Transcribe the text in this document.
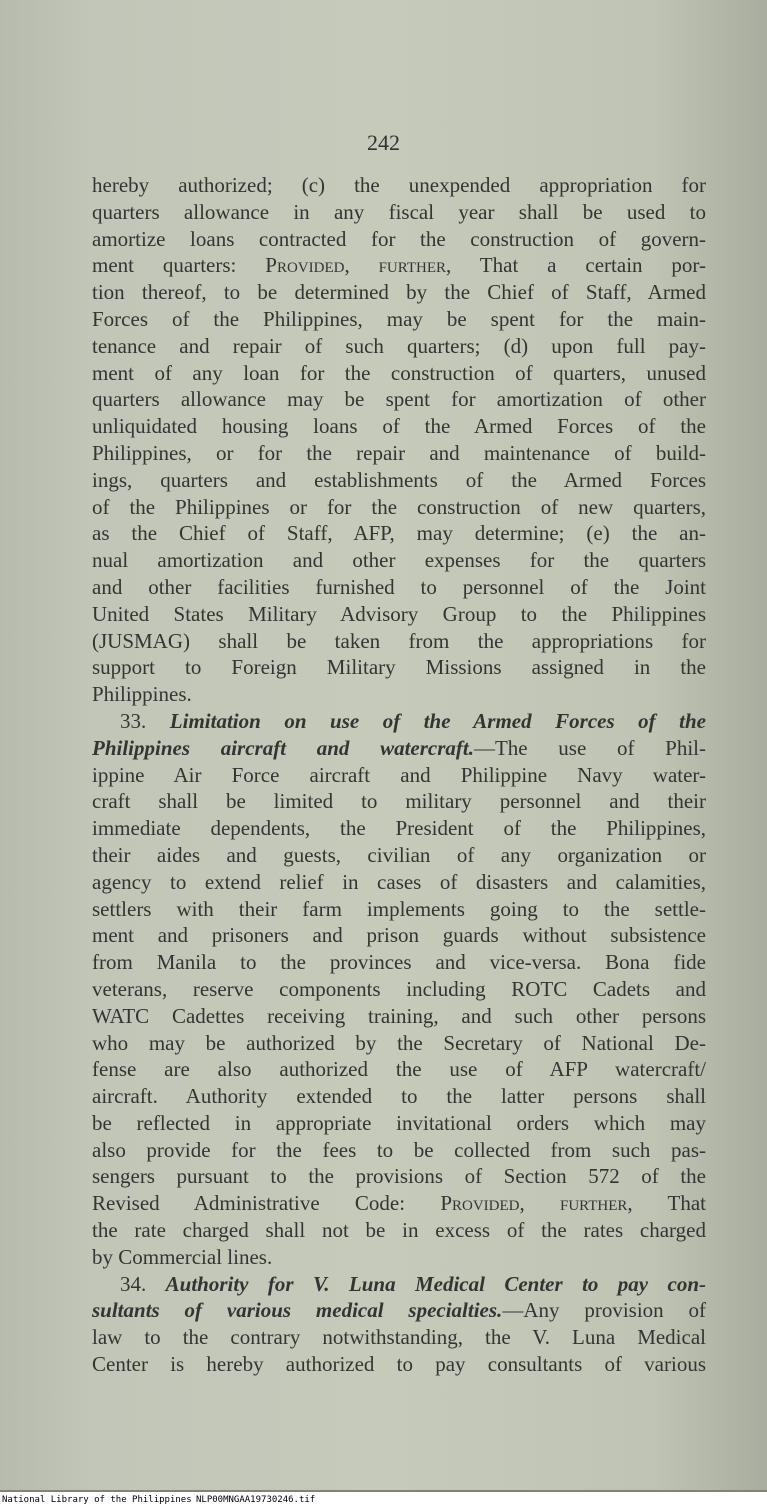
242
hereby authorized; (c) the unexpended appropriation for
quarters allowance in any fiscal year shall be used to
amortize loans contracted for the construction of govern-
ment quarters: Provided, further, That a certain por-
tion thereof, to be determined by the Chief of Staff, Armed
Forces of the Philippines, may be spent for the main-
tenance and repair of such quarters; (d) upon full pay-
ment of any loan for the construction of quarters, unused
quarters allowance may be spent for amortization of other
unliquidated housing loans of the Armed Forces of the
Philippines, or for the repair and maintenance of build-
ings, quarters and establishments of the Armed Forces
of the Philippines or for the construction of new quarters,
as the Chief of Staff, AFP, may determine; (e) the an-
nual amortization and other expenses for the quarters
and other facilities furnished to personnel of the Joint
United States Military Advisory Group to the Philippines
(JUSMAG) shall be taken from the appropriations for
support to Foreign Military Missions assigned in the
Philippines.
33. Limitation on use of the Armed Forces of the
Philippines aircraft and watercraft.—The use of Phil-
ippine Air Force aircraft and Philippine Navy water-
craft shall be limited to military personnel and their
immediate dependents, the President of the Philippines,
their aides and guests, civilian of any organization or
agency to extend relief in cases of disasters and calamities,
settlers with their farm implements going to the settle-
ment and prisoners and prison guards without subsistence
from Manila to the provinces and vice-versa. Bona fide
veterans, reserve components including ROTC Cadets and
WATC Cadettes receiving training, and such other persons
who may be authorized by the Secretary of National De-
fense are also authorized the use of AFP watercraft/
aircraft. Authority extended to the latter persons shall
be reflected in appropriate invitational orders which may
also provide for the fees to be collected from such pas-
sengers pursuant to the provisions of Section 572 of the
Revised Administrative Code: Provided, further, That
the rate charged shall not be in excess of the rates charged
by Commercial lines.
34. Authority for V. Luna Medical Center to pay con-
sultants of various medical specialties.—Any provision of
law to the contrary notwithstanding, the V. Luna Medical
Center is hereby authorized to pay consultants of various
National Library of the Philippines NLP00MNGAA19730246.tif
